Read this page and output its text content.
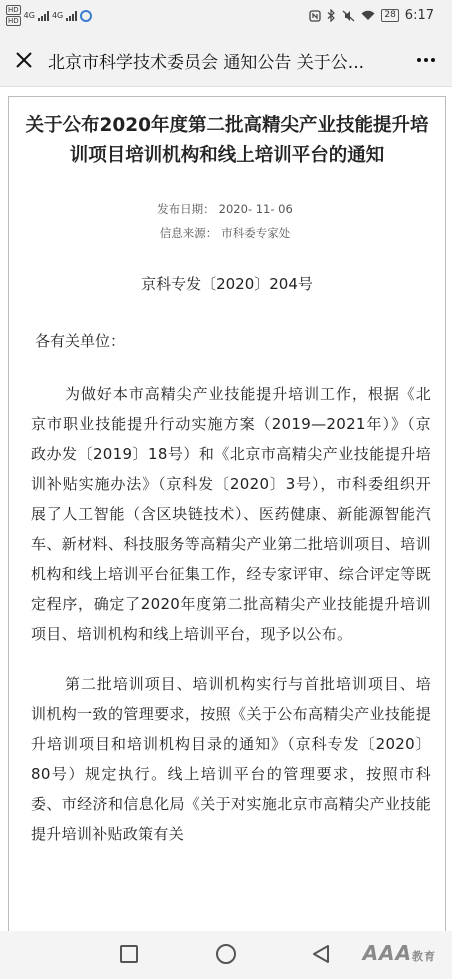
HD
HD
4G 4G	28 6:17
北京市科学技术委员会 通知公告 关于公...
关于公布2020年度第二批高精尖产业技能提升培训项目培训机构和线上培训平台的通知
发布日期： 2020- 11- 06
信息来源： 市科委专家处
京科专发〔2020〕204号
各有关单位：
为做好本市高精尖产业技能提升培训工作，根据《北京市职业技能提升行动实施方案（2019—2021年）》（京政办发〔2019〕18号）和《北京市高精尖产业技能提升培训补贴实施办法》（京科发〔2020〕3号），市科委组织开展了人工智能（含区块链技术）、医药健康、新能源智能汽车、新材料、科技服务等高精尖产业第二批培训项目、培训机构和线上培训平台征集工作，经专家评审、综合评定等既定程序，确定了2020年度第二批高精尖产业技能提升培训项目、培训机构和线上培训平台，现予以公布。
第二批培训项目、培训机构实行与首批培训项目、培训机构一致的管理要求，按照《关于公布高精尖产业技能提升培训项目和培训机构目录的通知》（京科专发〔2020〕80号）规定执行。线上培训平台的管理要求，按照市科委、市经济和信息化局《关于对实施北京市高精尖产业技能提升培训补贴政策有关
AAA教育
